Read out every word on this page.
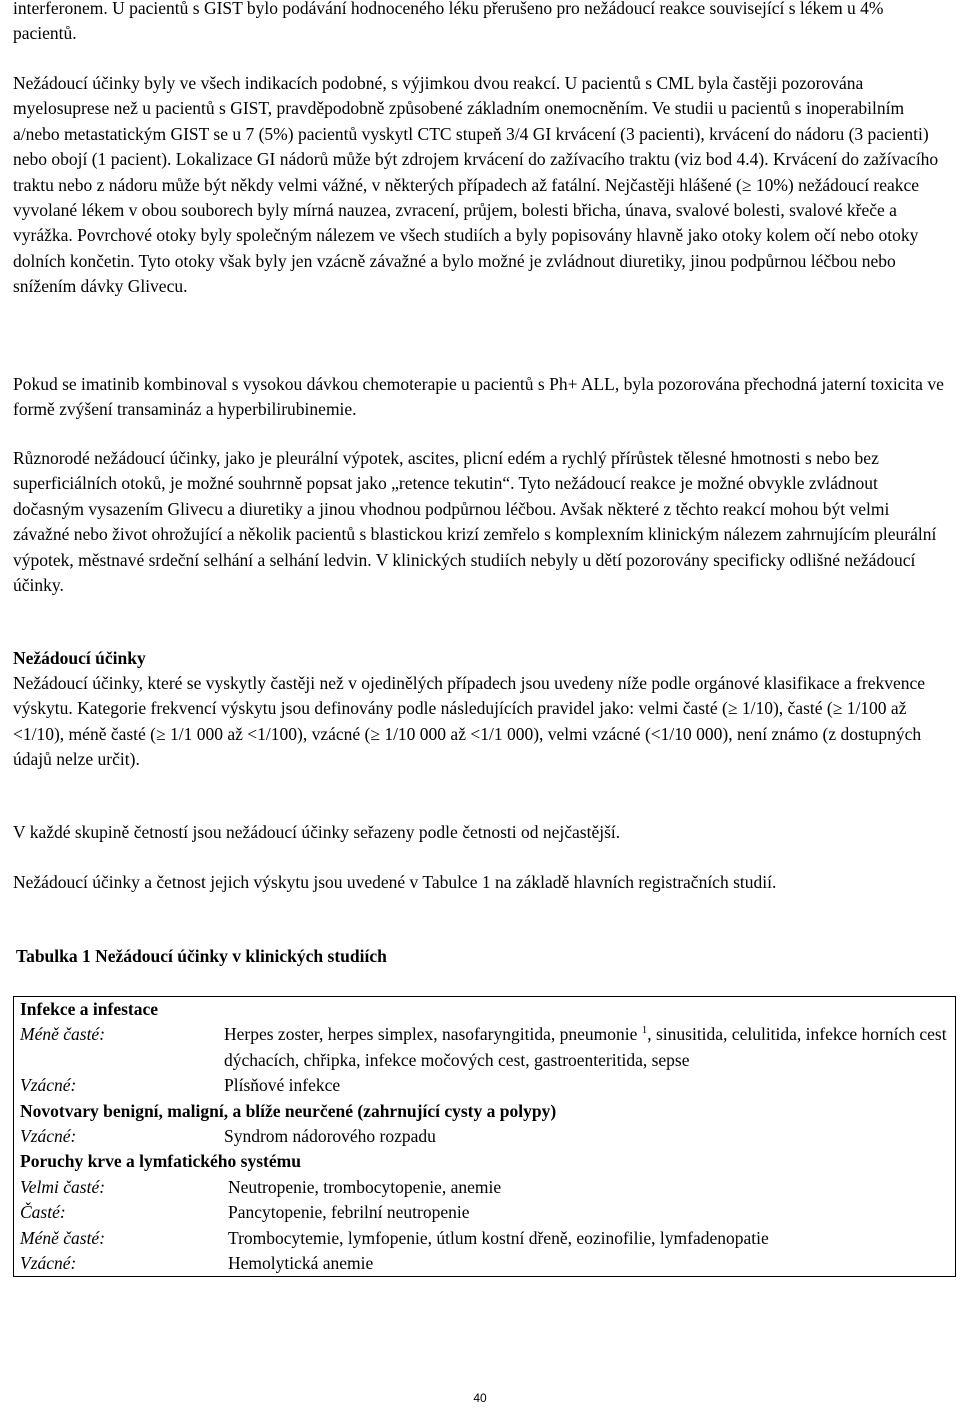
interferonem. U pacientů s GIST bylo podávání hodnoceného léku přerušeno pro nežádoucí reakce související s lékem u 4% pacientů.

Nežádoucí účinky byly ve všech indikacích podobné, s výjimkou dvou reakcí. U pacientů s CML byla častěji pozorována myelosuprese než u pacientů s GIST, pravděpodobně způsobené základním onemocněním. Ve studii u pacientů s inoperabilním a/nebo metastatickým GIST se u 7 (5%) pacientů vyskytl CTC stupeň 3/4 GI krvácení (3 pacienti), krvácení do nádoru (3 pacienti) nebo obojí (1 pacient). Lokalizace GI nádorů může být zdrojem krvácení do zažívacího traktu (viz bod 4.4). Krvácení do zažívacího traktu nebo z nádoru může být někdy velmi vážné, v některých případech až fatální. Nejčastěji hlášené (≥ 10%) nežádoucí reakce vyvolané lékem v obou souborech byly mírná nauzea, zvracení, průjem, bolesti břicha, únava, svalové bolesti, svalové křeče a vyrážka. Povrchové otoky byly společným nálezem ve všech studiích a byly popisovány hlavně jako otoky kolem očí nebo otoky dolních končetin. Tyto otoky však byly jen vzácně závažné a bylo možné je zvládnout diuretiky, jinou podpůrnou léčbou nebo snížením dávky Glivecu.

Pokud se imatinib kombinoval s vysokou dávkou chemoterapie u pacientů s Ph+ ALL, byla pozorována přechodná jaterní toxicita ve formě zvýšení transamináz a hyperbilirubinemie.

Různorodé nežádoucí účinky, jako je pleurální výpotek, ascites, plicní edém a rychlý přírůstek tělesné hmotnosti s nebo bez superficiálních otoků, je možné souhrnně popsat jako „retence tekutin“. Tyto nežádoucí reakce je možné obvykle zvládnout dočasným vysazením Glivecu a diuretiky a jinou vhodnou podpůrnou léčbou. Avšak některé z těchto reakcí mohou být velmi závažné nebo život ohrožující a několik pacientů s blastickou krizí zemřelo s komplexním klinickým nálezem zahrnujícím pleurální výpotek, městnavé srdeční selhání a selhání ledvin. V klinických studiích nebyly u dětí pozorovány specificky odlišné nežádoucí účinky.

Nežádoucí účinky

Nežádoucí účinky, které se vyskytly častěji než v ojedinělých případech jsou uvedeny níže podle orgánové klasifikace a frekvence výskytu. Kategorie frekvencí výskytu jsou definovány podle následujících pravidel jako: velmi časté (≥ 1/10), časté (≥ 1/100 až <1/10), méně časté (≥ 1/1 000 až <1/100), vzácné (≥ 1/10 000 až <1/1 000), velmi vzácné (<1/10 000), není známo (z dostupných údajů nelze určit).

V každé skupině četností jsou nežádoucí účinky seřazeny podle četnosti od nejčastější.

Nežádoucí účinky a četnost jejich výskytu jsou uvedené v Tabulce 1 na základě hlavních registračních studií.

Tabulka 1 Nežádoucí účinky v klinických studiích
Infekce a infestace
Méně časté:	Herpes zoster, herpes simplex, nasofaryngitida, pneumonie $^1$, sinusitida, celulitida, infekce horních cest dýchacích, chřipka, infekce močových cest, gastroenteritida, sepse
Vzácné:	Plísňové infekce
Novotvary benigní, maligní, a blíže neurčené (zahrnující cysty a polypy)
Vzácné:	Syndrom nádorového rozpadu
Poruchy krve a lymfatického systému
Velmi časté:	Neutropenie, trombocytopenie, anemie
Časté:	Pancytopenie, febrilní neutropenie
Méně časté:	Trombocytemie, lymfopenie, útlum kostní dřeně, eozinofilie, lymfadenopatie
Vzácné:	Hemolytická anemie
40
